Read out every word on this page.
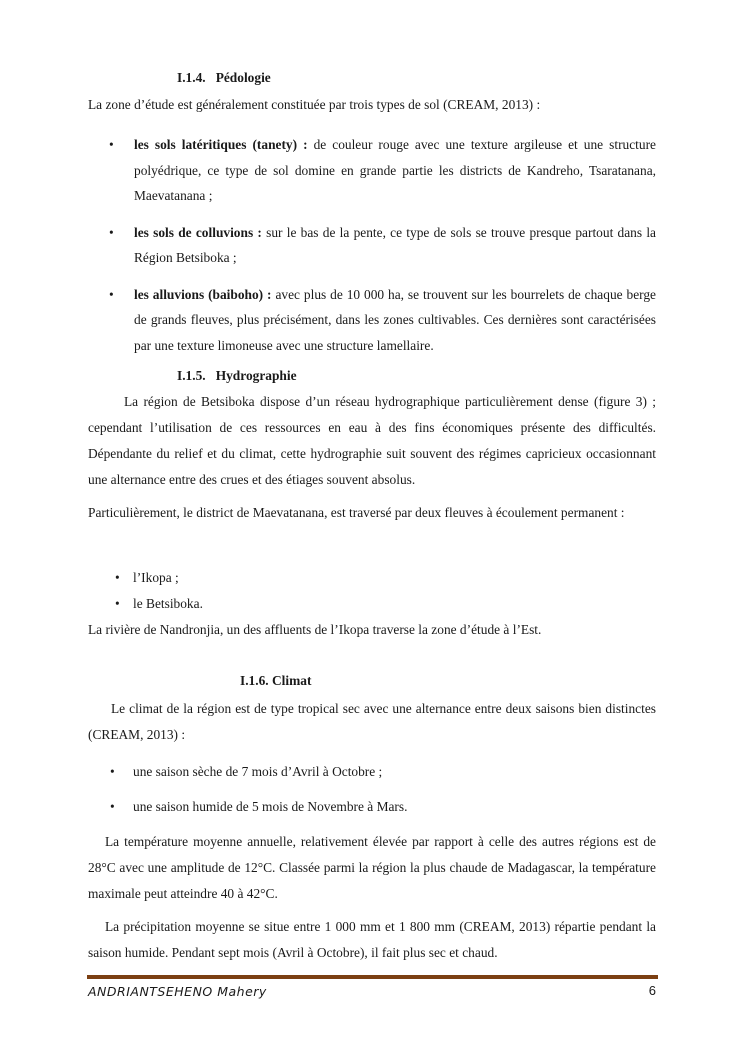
I.1.4.   Pédologie
La zone d’étude est généralement constituée par trois types de sol (CREAM, 2013) :
• les sols latéritiques (tanety) : de couleur rouge avec une texture argileuse et une structure polyédrique, ce type de sol domine en grande partie les districts de Kandreho, Tsaratanana, Maevatanana ;
• les sols de colluvions : sur le bas de la pente, ce type de sols se trouve presque partout dans la Région Betsiboka ;
• les alluvions (baiboho) : avec plus de 10 000 ha, se trouvent sur les bourrelets de chaque berge de grands fleuves, plus précisément, dans les zones cultivables. Ces dernières sont caractérisées par une texture limoneuse avec une structure lamellaire.
I.1.5.   Hydrographie
La région de Betsiboka dispose d’un réseau hydrographique particulièrement dense (figure 3) ; cependant l’utilisation de ces ressources en eau à des fins économiques présente des difficultés. Dépendante du relief et du climat, cette hydrographie suit souvent des régimes capricieux occasionnant une alternance entre des crues et des étiages souvent absolus.
Particulièrement, le district de Maevatanana, est traversé par deux fleuves à écoulement permanent :
• l’Ikopa ;
• le Betsiboka.
La rivière de Nandronjia, un des affluents de l’Ikopa traverse la zone d’étude à l’Est.
I.1.6. Climat
Le climat de la région est de type tropical sec avec une alternance entre deux saisons bien distinctes (CREAM, 2013) :
• une saison sèche de 7 mois d’Avril à Octobre ;
• une saison humide de 5 mois de Novembre à Mars.
La température moyenne annuelle, relativement élevée par rapport à celle des autres régions est de 28°C avec une amplitude de 12°C. Classée parmi la région la plus chaude de Madagascar, la température maximale peut atteindre 40 à 42°C.
La précipitation moyenne se situe entre 1 000 mm et 1 800 mm (CREAM, 2013) répartie pendant la saison humide. Pendant sept mois (Avril à Octobre), il fait plus sec et chaud.
ANDRIANTSEHENO Mahery	6
